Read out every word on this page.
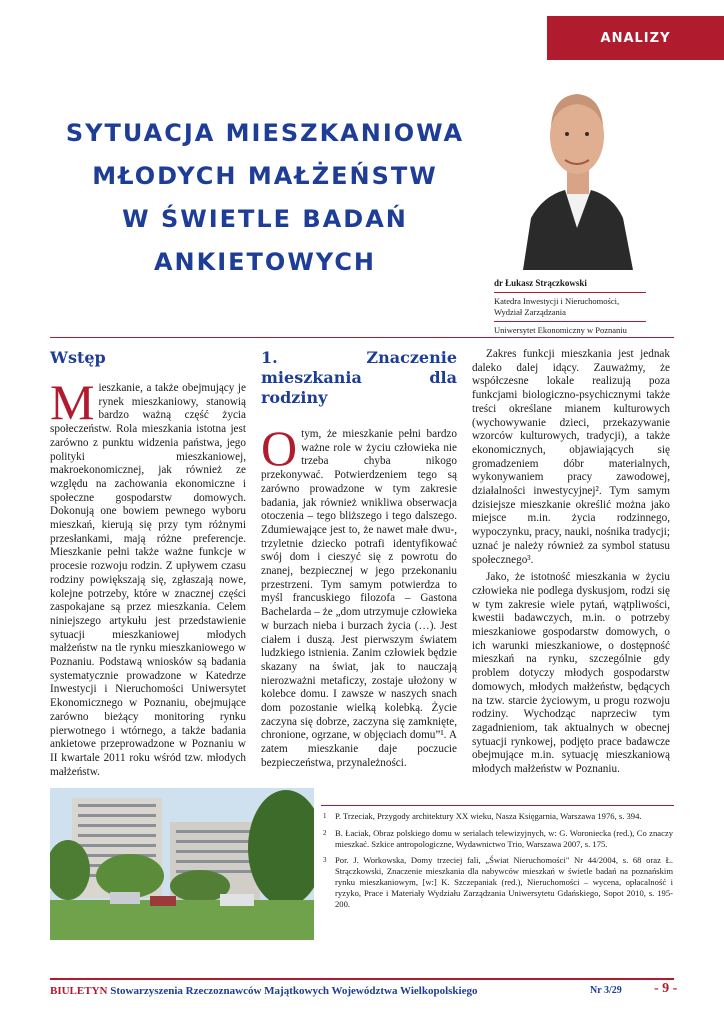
ANALIZY
SYTUACJA MIESZKANIOWA
MŁODYCH MAŁŻEŃSTW
W ŚWIETLE BADAŃ
ANKIETOWYCH
dr Łukasz Strączkowski
Katedra Inwestycji i Nieruchomości,
Wydział Zarządzania
Uniwersytet Ekonomiczny w Poznaniu
Wstęp

Mieszkanie, a także obejmujący je rynek mieszkaniowy, stanowią bardzo ważną część życia społeczeństw. Rola mieszkania istotna jest zarówno z punktu widzenia państwa, jego polityki mieszkaniowej, makroekonomicznej, jak również ze względu na zachowania ekonomiczne i społeczne gospodarstw domowych. Dokonują one bowiem pewnego wyboru mieszkań, kierują się przy tym różnymi przesłankami, mają różne preferencje. Mieszkanie pełni także ważne funkcje w procesie rozwoju rodzin. Z upływem czasu rodziny powiększają się, zgłaszają nowe, kolejne potrzeby, które w znacznej części zaspokajane są przez mieszkania. Celem niniejszego artykułu jest przedstawienie sytuacji mieszkaniowej młodych małżeństw na tle rynku mieszkaniowego w Poznaniu. Podstawą wniosków są badania systematycznie prowadzone w Katedrze Inwestycji i Nieruchomości Uniwersytet Ekonomicznego w Poznaniu, obejmujące zarówno bieżący monitoring rynku pierwotnego i wtórnego, a także badania ankietowe przeprowadzone w Poznaniu w II kwartale 2011 roku wśród tzw. młodych małżeństw.

1. Znaczenie mieszkania dla rodziny

Otym, że mieszkanie pełni bardzo ważne role w życiu człowieka nie trzeba chyba nikogo przekonywać. Potwierdzeniem tego są zarówno prowadzone w tym zakresie badania, jak również wnikliwa obserwacja otoczenia – tego bliższego i tego dalszego. Zdumiewające jest to, że nawet małe dwu-, trzyletnie dziecko potrafi identyfikować swój dom i cieszyć się z powrotu do znanej, bezpiecznej w jego przekonaniu przestrzeni. Tym samym potwierdza to myśl francuskiego filozofa – Gastona Bachelarda – że „dom utrzymuje człowieka w burzach nieba i burzach życia (…). Jest ciałem i duszą. Jest pierwszym światem ludzkiego istnienia. Zanim człowiek będzie skazany na świat, jak to nauczają nierozważni metaficzy, zostaje ułożony w kolebce domu. I zawsze w naszych snach dom pozostanie wielką kolebką. Życie zaczyna się dobrze, zaczyna się zamknięte, chronione, ogrzane, w objęciach domu”¹. A zatem mieszkanie daje poczucie bezpieczeństwa, przynależności.

Zakres funkcji mieszkania jest jednak daleko dalej idący. Zauważmy, że współczesne lokale realizują poza funkcjami biologiczno-psychicznymi także treści określane mianem kulturowych (wychowywanie dzieci, przekazywanie wzorców kulturowych, tradycji), a także ekonomicznych, objawiających się gromadzeniem dóbr materialnych, wykonywaniem pracy zawodowej, działalności inwestycyjnej². Tym samym dzisiejsze mieszkanie określić można jako miejsce m.in. życia rodzinnego, wypoczynku, pracy, nauki, nośnika tradycji; uznać je należy również za symbol statusu społecznego³.

Jako, że istotność mieszkania w życiu człowieka nie podlega dyskusjom, rodzi się w tym zakresie wiele pytań, wątpliwości, kwestii badawczych, m.in. o potrzeby mieszkaniowe gospodarstw domowych, o ich warunki mieszkaniowe, o dostępność mieszkań na rynku, szczególnie gdy problem dotyczy młodych gospodarstw domowych, młodych małżeństw, będących na tzw. starcie życiowym, u progu rozwoju rodziny. Wychodząc naprzeciw tym zagadnieniom, tak aktualnych w obecnej sytuacji rynkowej, podjęto prace badawcze obejmujące m.in. sytuację mieszkaniową młodych małżeństw w Poznaniu.

1 P. Trzeciak, Przygody architektury XX wieku, Nasza Księgarnia, Warszawa 1976, s. 394.
2 B. Łaciak, Obraz polskiego domu w serialach telewizyjnych, w: G. Woroniecka (red.), Co znaczy mieszkać. Szkice antropologiczne, Wydawnictwo Trio, Warszawa 2007, s. 175.
3 Por. J. Workowska, Domy trzeciej fali, „Świat Nieruchomości" Nr 44/2004, s. 68 oraz Ł. Strączkowski, Znaczenie mieszkania dla nabywców mieszkań w świetle badań na poznańskim rynku mieszkaniowym, [w:] K. Szczepaniak (red.), Nieruchomości – wycena, opłacalność i ryzyko, Prace i Materiały Wydziału Zarządzania Uniwersytetu Gdańskiego, Sopot 2010, s. 195-200.
BIULETYN Stowarzyszenia Rzeczoznawców Majątkowych Województwa Wielkopolskiego	Nr 3/29 - 9 -
